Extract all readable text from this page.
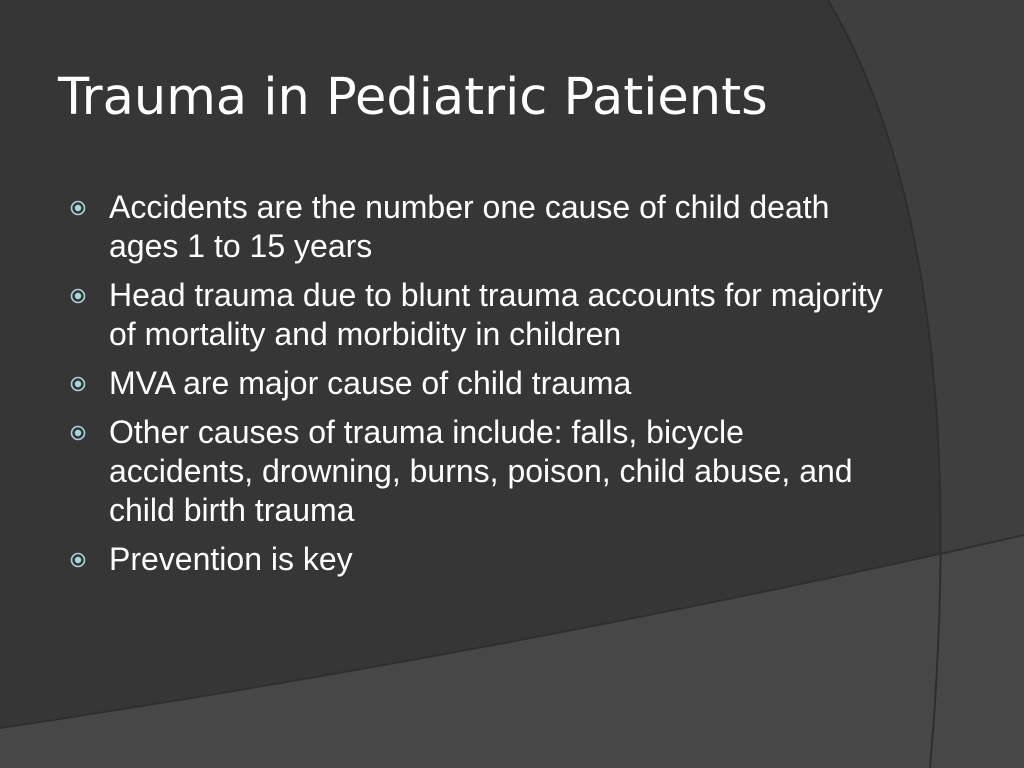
Trauma in Pediatric Patients
Accidents are the number one cause of child death ages 1 to 15 years
Head trauma due to blunt trauma accounts for majority of mortality and morbidity in children
MVA are major cause of child trauma
Other causes of trauma include: falls, bicycle accidents, drowning, burns, poison, child abuse, and child birth trauma
Prevention is key
